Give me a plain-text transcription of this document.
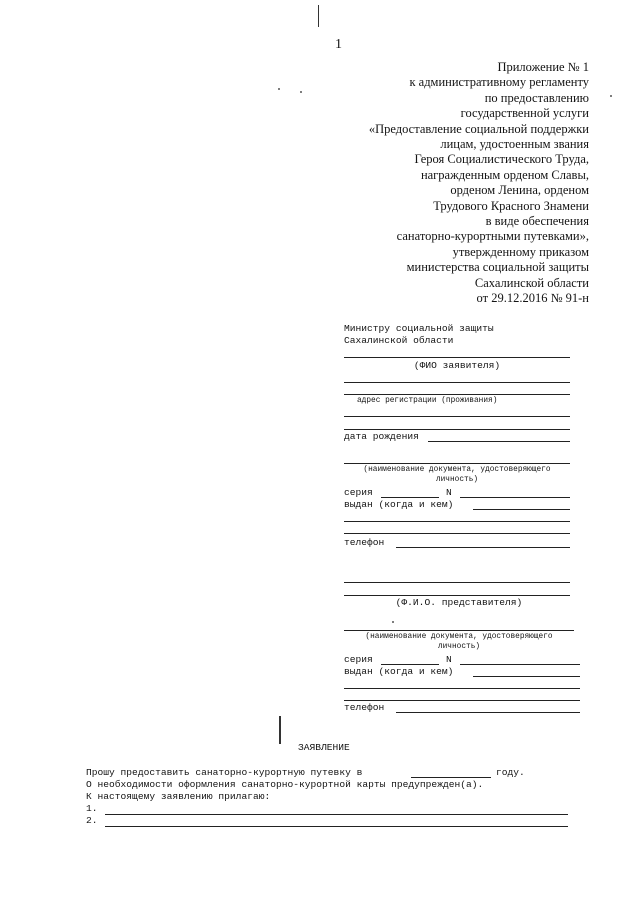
1
Приложение № 1
к административному регламенту
по предоставлению
государственной услуги
«Предоставление социальной поддержки
лицам, удостоенным звания
Героя Социалистического Труда,
награжденным орденом Славы,
орденом Ленина, орденом
Трудового Красного Знамени
в виде обеспечения
санаторно-курортными путевками»,
утвержденному приказом
министерства социальной защиты
Сахалинской области
от 29.12.2016 № 91-н
Министру социальной защиты
Сахалинской области
(ФИО заявителя)
адрес регистрации (проживания)
дата рождения
(наименование документа, удостоверяющего
личность)
серия	N
выдан (когда и кем)
телефон
(Ф.И.О. представителя)
(наименование документа, удостоверяющего
личность)
серия	N
выдан (когда и кем)
телефон
ЗАЯВЛЕНИЕ
Прошу предоставить санаторно-курортную путевку в	году.
О необходимости оформления санаторно-курортной карты предупрежден(а).
К настоящему заявлению прилагаю:
1.
2.
